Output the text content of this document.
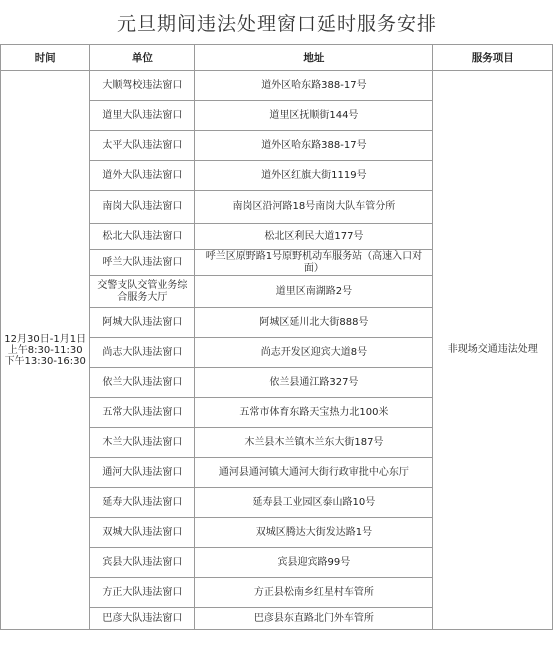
元旦期间违法处理窗口延时服务安排
时间	单位	地址	服务项目
12月30日-1月1日
上午8:30-11:30
下午13:30-16:30	大顺驾校违法窗口	道外区哈东路388-17号	非现场交通违法处理
	道里大队违法窗口	道里区抚顺街144号	
	太平大队违法窗口	道外区哈东路388-17号	
	道外大队违法窗口	道外区红旗大街1119号	
	南岗大队违法窗口	南岗区沿河路18号南岗大队车管分所	
	松北大队违法窗口	松北区利民大道177号	
	呼兰大队违法窗口	呼兰区原野路1号原野机动车服务站（高速入口对面）	
	交警支队交管业务综合服务大厅	道里区南湖路2号	
	阿城大队违法窗口	阿城区延川北大街888号	
	尚志大队违法窗口	尚志开发区迎宾大道8号	
	依兰大队违法窗口	依兰县通江路327号	
	五常大队违法窗口	五常市体育东路天宝热力北100米	
	木兰大队违法窗口	木兰县木兰镇木兰东大街187号	
	通河大队违法窗口	通河县通河镇大通河大街行政审批中心东厅	
	延寿大队违法窗口	延寿县工业园区泰山路10号	
	双城大队违法窗口	双城区腾达大街发达路1号	
	宾县大队违法窗口	宾县迎宾路99号	
	方正大队违法窗口	方正县松南乡红星村车管所	
	巴彦大队违法窗口	巴彦县东直路北门外车管所	
